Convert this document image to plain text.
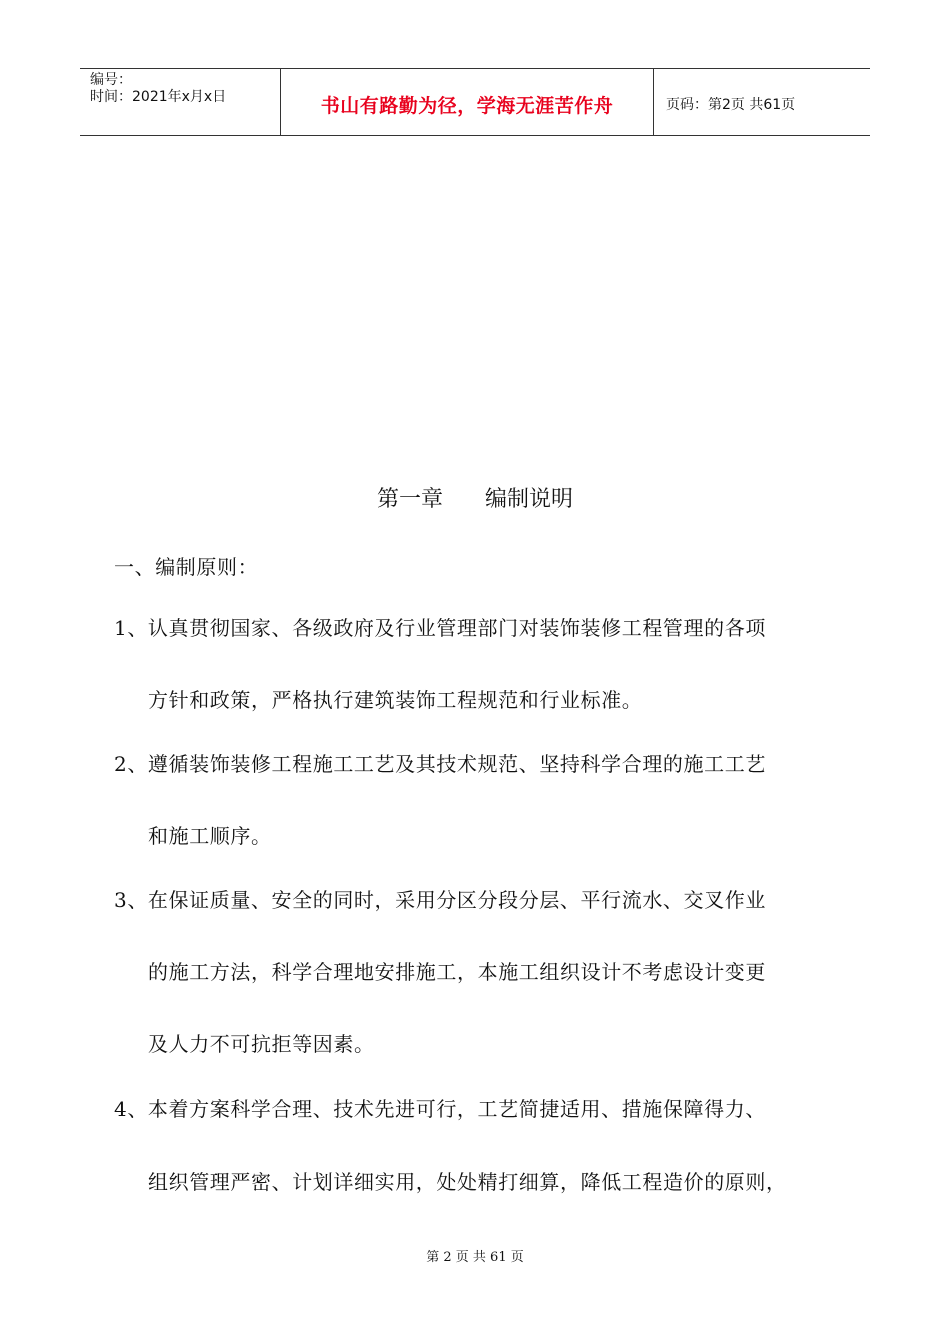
编号：
时间：2021年x月x日	书山有路勤为径，学海无涯苦作舟	页码：第2页 共61页
第一章      编制说明
一、编制原则：
1、认真贯彻国家、各级政府及行业管理部门对装饰装修工程管理的各项
方针和政策，严格执行建筑装饰工程规范和行业标准。
2、遵循装饰装修工程施工工艺及其技术规范、坚持科学合理的施工工艺
和施工顺序。
3、在保证质量、安全的同时，采用分区分段分层、平行流水、交叉作业
的施工方法，科学合理地安排施工，本施工组织设计不考虑设计变更
及人力不可抗拒等因素。
4、本着方案科学合理、技术先进可行，工艺简捷适用、措施保障得力、
组织管理严密、计划详细实用，处处精打细算，降低工程造价的原则，
第 2 页 共 61 页
